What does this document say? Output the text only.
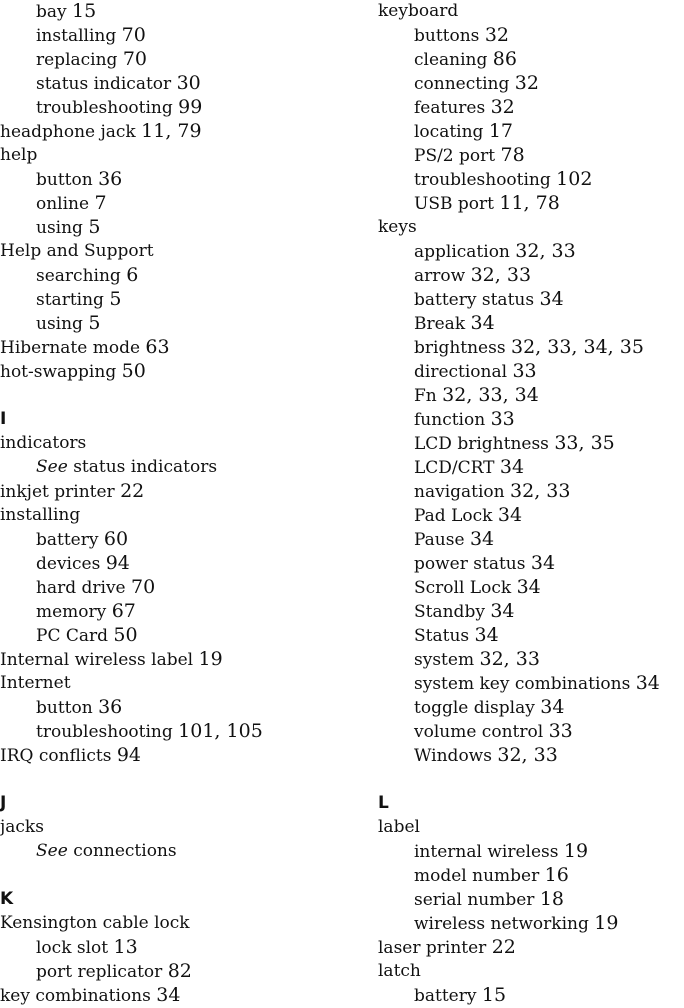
bay 15
installing 70
replacing 70
status indicator 30
troubleshooting 99
headphone jack 11, 79
help
button 36
online 7
using 5
Help and Support
searching 6
starting 5
using 5
Hibernate mode 63
hot-swapping 50
I
indicators
See status indicators
inkjet printer 22
installing
battery 60
devices 94
hard drive 70
memory 67
PC Card 50
Internal wireless label 19
Internet
button 36
troubleshooting 101, 105
IRQ conflicts 94
J
jacks
See connections
K
Kensington cable lock
lock slot 13
port replicator 82
key combinations 34
keyboard
buttons 32
cleaning 86
connecting 32
features 32
locating 17
PS/2 port 78
troubleshooting 102
USB port 11, 78
keys
application 32, 33
arrow 32, 33
battery status 34
Break 34
brightness 32, 33, 34, 35
directional 33
Fn 32, 33, 34
function 33
LCD brightness 33, 35
LCD/CRT 34
navigation 32, 33
Pad Lock 34
Pause 34
power status 34
Scroll Lock 34
Standby 34
Status 34
system 32, 33
system key combinations 34
toggle display 34
volume control 33
Windows 32, 33
L
label
internal wireless 19
model number 16
serial number 18
wireless networking 19
laser printer 22
latch
battery 15
